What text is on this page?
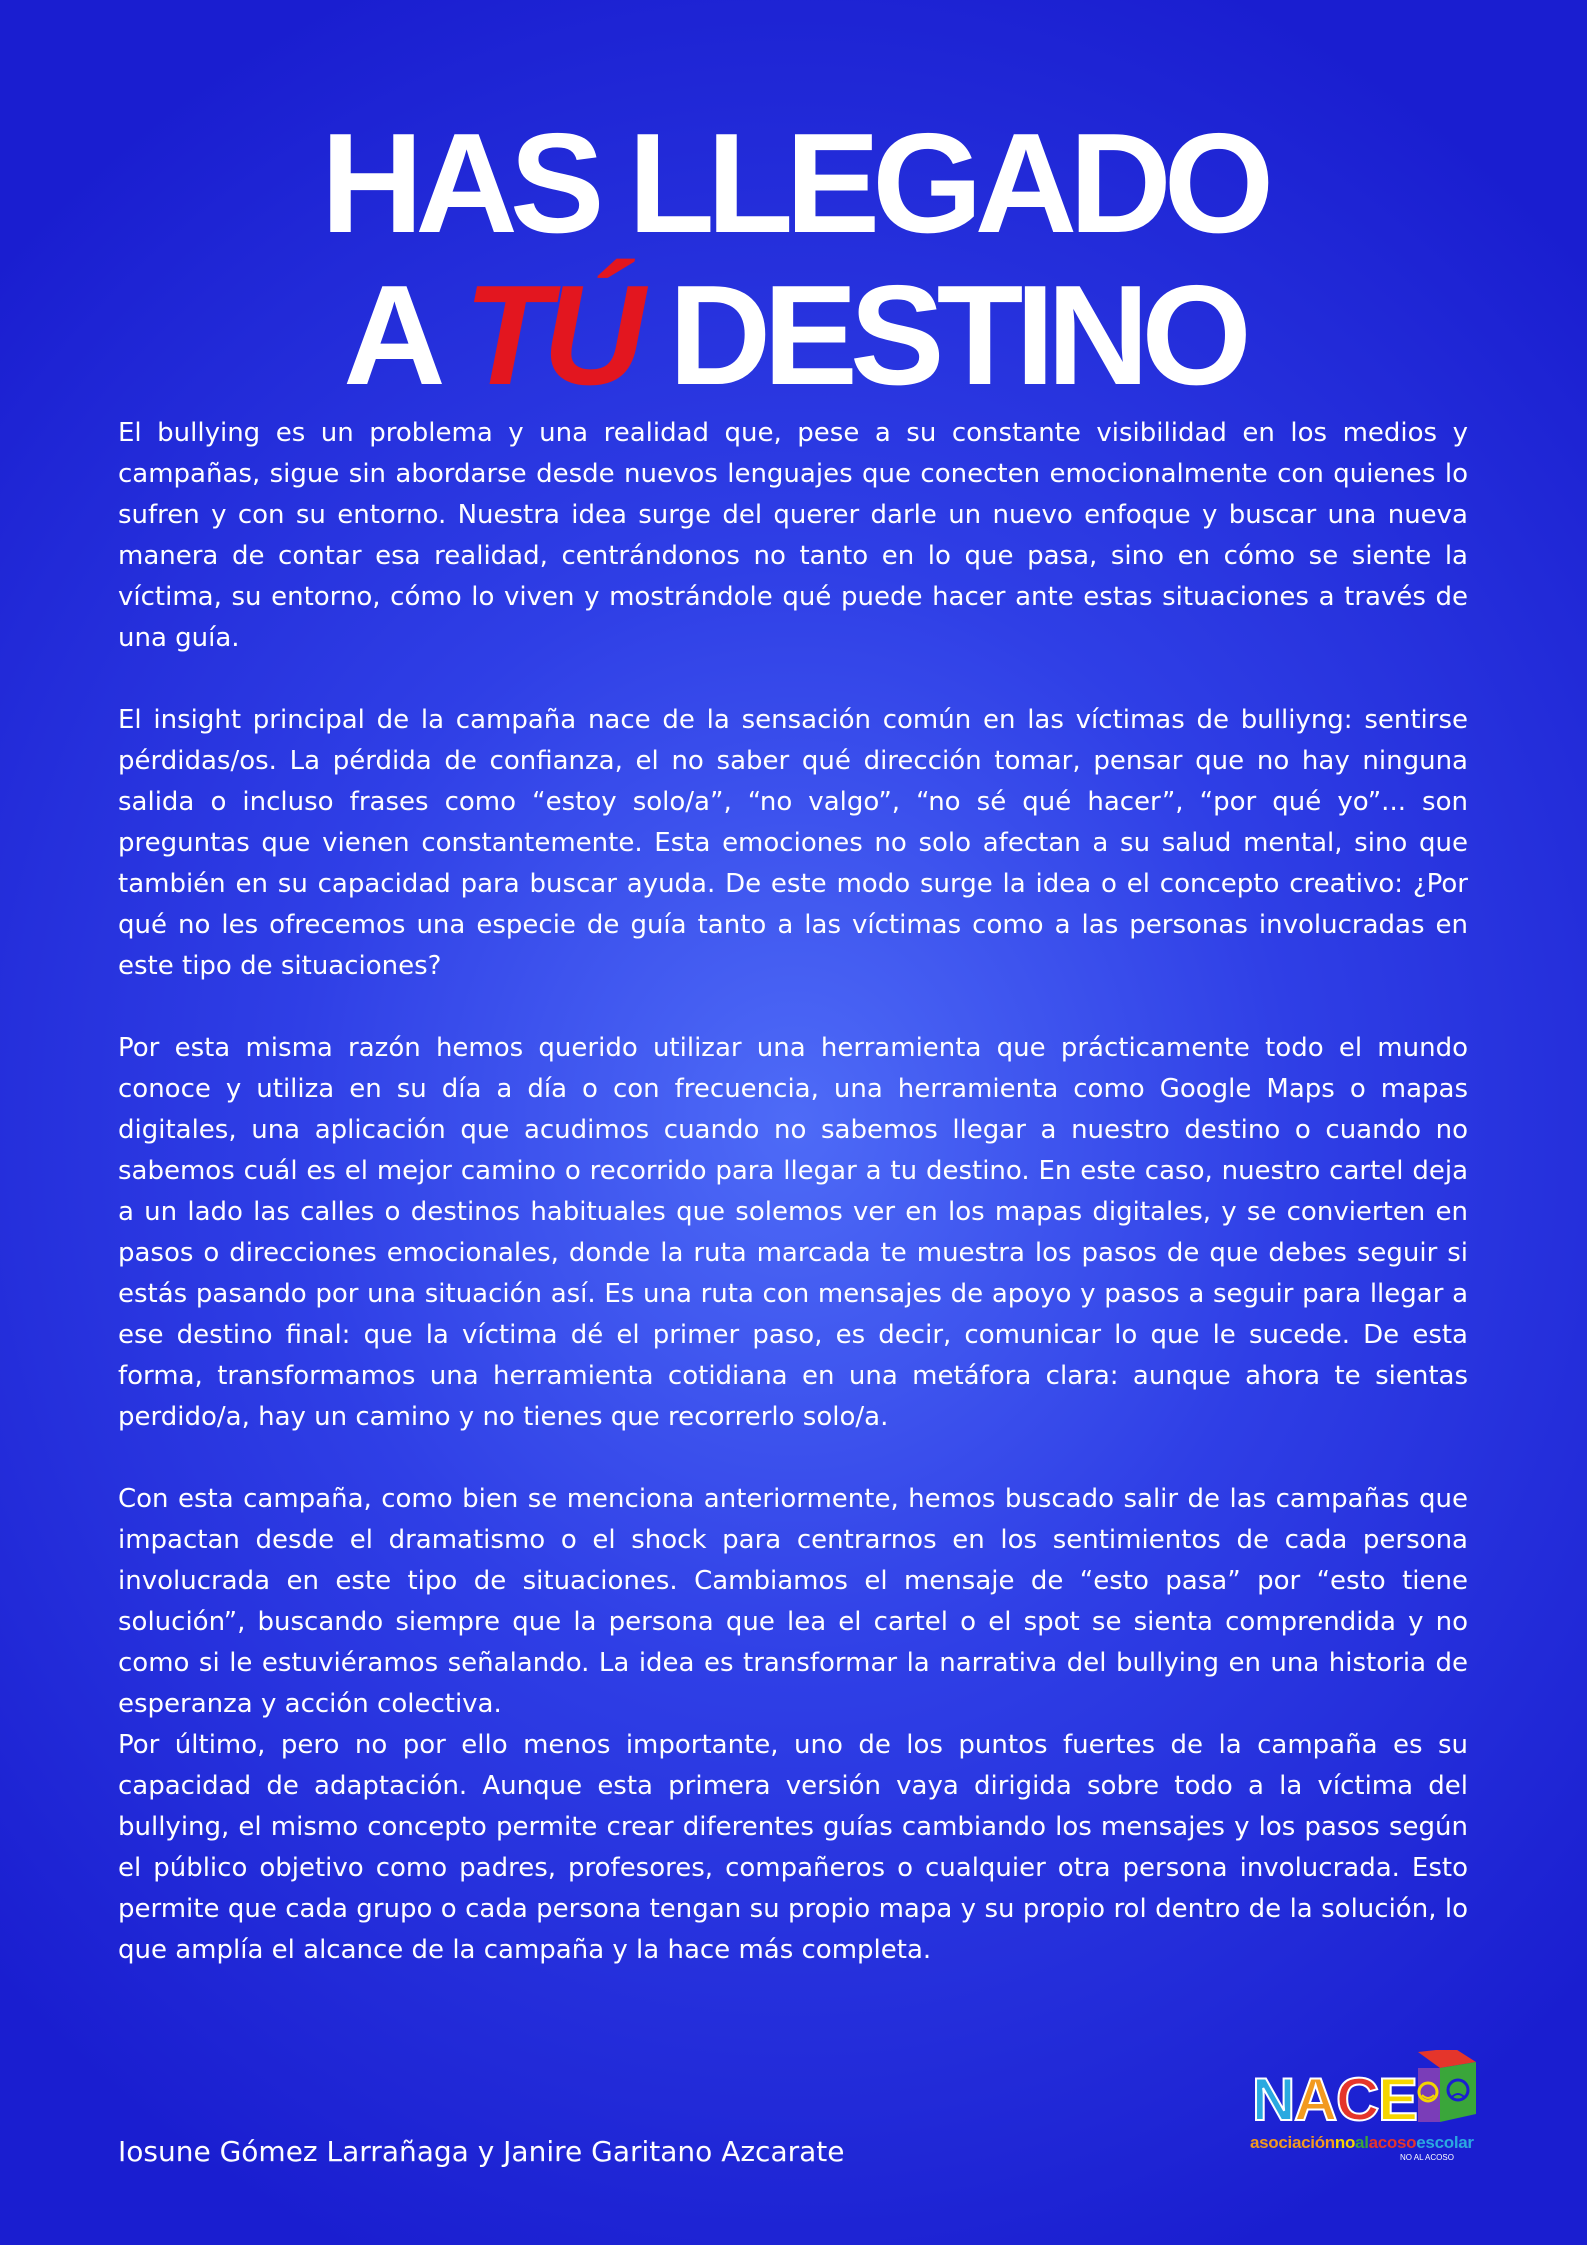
HAS LLEGADO
A TÚ DESTINO

El bullying es un problema y una realidad que, pese a su constante visibilidad en los medios y campañas, sigue sin abordarse desde nuevos lenguajes que conecten emocionalmente con quienes lo sufren y con su entorno. Nuestra idea surge del querer darle un nuevo enfoque y buscar una nueva manera de contar esa realidad, centrándonos no tanto en lo que pasa, sino en cómo se siente la víctima, su entorno, cómo lo viven y mostrándole qué puede hacer ante estas situaciones a través de una guía.

El insight principal de la campaña nace de la sensación común en las víctimas de bulliyng: sentirse pérdidas/os. La pérdida de confianza, el no saber qué dirección tomar, pensar que no hay ninguna salida o incluso frases como “estoy solo/a”, “no valgo”, “no sé qué hacer”, “por qué yo”... son preguntas que vienen constantemente. Esta emociones no solo afectan a su salud mental, sino que también en su capacidad para buscar ayuda. De este modo surge la idea o el concepto creativo: ¿Por qué no les ofrecemos una especie de guía tanto a las víctimas como a las personas involucradas en este tipo de situaciones?

Por esta misma razón hemos querido utilizar una herramienta que prácticamente todo el mundo conoce y utiliza en su día a día o con frecuencia, una herramienta como Google Maps o mapas digitales, una aplicación que acudimos cuando no sabemos llegar a nuestro destino o cuando no sabemos cuál es el mejor camino o recorrido para llegar a tu destino. En este caso, nuestro cartel deja a un lado las calles o destinos habituales que solemos ver en los mapas digitales, y se convierten en pasos o direcciones emocionales, donde la ruta marcada te muestra los pasos de que debes seguir si estás pasando por una situación así. Es una ruta con mensajes de apoyo y pasos a seguir para llegar a ese destino final: que la víctima dé el primer paso, es decir, comunicar lo que le sucede. De esta forma, transformamos una herramienta cotidiana en una metáfora clara: aunque ahora te sientas perdido/a, hay un camino y no tienes que recorrerlo solo/a.

Con esta campaña, como bien se menciona anteriormente, hemos buscado salir de las campañas que impactan desde el dramatismo o el shock para centrarnos en los sentimientos de cada persona involucrada en este tipo de situaciones. Cambiamos el mensaje de “esto pasa” por “esto tiene solución”, buscando siempre que la persona que lea el cartel o el spot se sienta comprendida y no como si le estuviéramos señalando. La idea es transformar la narrativa del bullying en una historia de esperanza y acción colectiva.

Por último, pero no por ello menos importante, uno de los puntos fuertes de la campaña es su capacidad de adaptación. Aunque esta primera versión vaya dirigida sobre todo a la víctima del bullying, el mismo concepto permite crear diferentes guías cambiando los mensajes y los pasos según el público objetivo como padres, profesores, compañeros o cualquier otra persona involucrada. Esto permite que cada grupo o cada persona tengan su propio mapa y su propio rol dentro de la solución, lo que amplía el alcance de la campaña y la hace más completa.

Iosune Gómez Larrañaga y Janire Garitano Azcarate
N
A
C
E
asociaciónnoalacosoescolar
NO AL ACOSO
